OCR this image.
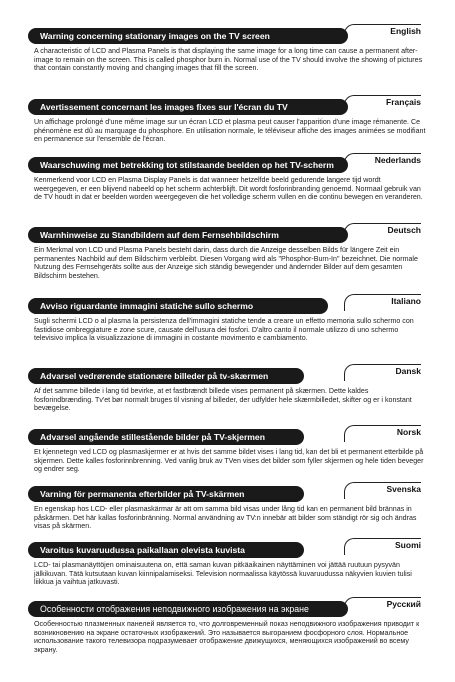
English
Warning concerning stationary images on the TV screen
A characteristic of LCD and Plasma Panels is that displaying the same image for a long time can cause a permanent after-image to remain on the screen. This is called phosphor burn in. Normal use of the TV should involve the showing of pictures that contain constantly moving and changing images that fill the screen.
Français
Avertissement concernant les images fixes sur l'écran du TV
Un affichage prolongé d'une même image sur un écran LCD et plasma peut causer l'apparition d'une image rémanente. Ce phénomène est dû au marquage du phosphore. En utilisation normale, le téléviseur affiche des images animées se modifiant en permanence sur l'ensemble de l'écran.
Nederlands
Waarschuwing met betrekking tot stilstaande beelden op het TV-scherm
Kenmerkend voor LCD en Plasma Display Panels is dat wanneer hetzelfde beeld gedurende langere tijd wordt weergegeven, er een blijvend nabeeld op het scherm achterblijft. Dit wordt fosforinbranding genoemd. Normaal gebruik van de TV houdt in dat er beelden worden weergegeven die het volledige scherm vullen en die continu bewegen en veranderen.
Deutsch
Warnhinweise zu Standbildern auf dem Fernsehbildschirm
Ein Merkmal von LCD und Plasma Panels besteht darin, dass durch die Anzeige desselben Bilds für längere Zeit ein permanentes Nachbild auf dem Bildschirm verbleibt. Diesen Vorgang wird als "Phosphor-Burn-In" bezeichnet. Die normale Nutzung des Fernsehgeräts sollte aus der Anzeige sich ständig bewegender und ändernder Bilder auf dem gesamten Bildschirm bestehen.
Italiano
Avviso riguardante immagini statiche sullo schermo
Sugli schermi LCD o al plasma la persistenza dell'immagini statiche tende a creare un effetto memoria sullo schermo con fastidiose ombreggiature e zone scure, causate dell'usura dei fosfori. D'altro canto il normale utilizzo di uno schermo televisivo implica la visualizzazione di immagini in costante movimento e cambiamento.
Dansk
Advarsel vedrørende stationære billeder på tv-skærmen
Af det samme billede i lang tid bevirke, at et fastbrændt billede vises permanent på skærmen. Dette kaldes fosforindbrænding. Tv'et bør normalt bruges til visning af billeder, der udfylder hele skærmbilledet, skifter og er i konstant bevægelse.
Norsk
Advarsel angående stillestående bilder på TV-skjermen
Et kjennetegn ved LCD og plasmaskjermer er at hvis det samme bildet vises i lang tid, kan det bli et permanent etterbilde på skjermen. Dette kalles fosforinnbrenning. Ved vanlig bruk av TVen vises det bilder som fyller skjermen og hele tiden beveger og endrer seg.
Svenska
Varning för permanenta efterbilder på TV-skärmen
En egenskap hos LCD- eller plasmaskärmar är att om samma bild visas under lång tid kan en permanent bild brännas in påskärmen. Det här kallas fosforinbränning. Normal användning av TV:n innebär att bilder som ständigt rör sig och ändras visas på skärmen.
Suomi
Varoitus kuvaruudussa paikallaan olevista kuvista
LCD- tai plasmanäyttöjen ominaisuutena on, että saman kuvan pitkäaikainen näyttäminen voi jättää ruutuun pysyvän jälkikuvan. Tätä kutsutaan kuvan kiinnipalamiseksi. Television normaalissa käytössä kuvaruudussa näkyvien kuvien tulisi liikkua ja vaihtua jatkuvasti.
Русский
Особенности отображения неподвижного изображения на экране
Особенностью плазменных панелей является то, что долговременный показ неподвижного изображения приводит к возникновению на экране остаточных изображений. Это называется выгоранием фосфорного слоя. Нормальное использование такого телевизора подразумевает отображение движущихся, меняющихся изображений во всему экрану.
